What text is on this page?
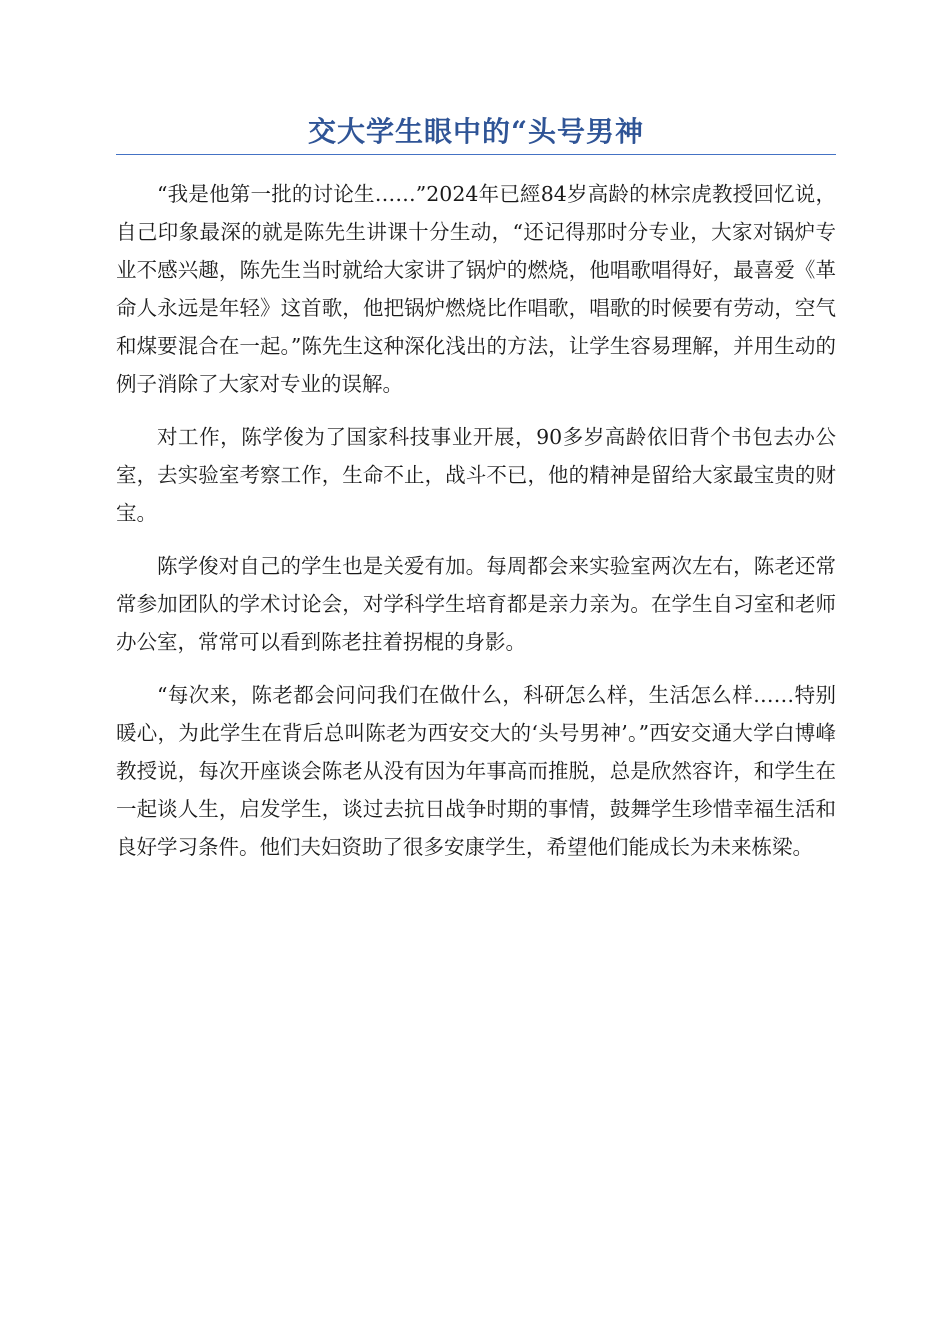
交大学生眼中的“头号男神

“我是他第一批的讨论生……”2024年已經84岁高龄的林宗虎教授回忆说，自己印象最深的就是陈先生讲课十分生动，“还记得那时分专业，大家对锅炉专业不感兴趣，陈先生当时就给大家讲了锅炉的燃烧，他唱歌唱得好，最喜爱《革命人永远是年轻》这首歌，他把锅炉燃烧比作唱歌，唱歌的时候要有劳动，空气和煤要混合在一起。”陈先生这种深化浅出的方法，让学生容易理解，并用生动的例子消除了大家对专业的误解。

对工作，陈学俊为了国家科技事业开展，90多岁高龄依旧背个书包去办公室，去实验室考察工作，生命不止，战斗不已，他的精神是留给大家最宝贵的财宝。

陈学俊对自己的学生也是关爱有加。每周都会来实验室两次左右，陈老还常常参加团队的学术讨论会，对学科学生培育都是亲力亲为。在学生自习室和老师办公室，常常可以看到陈老拄着拐棍的身影。

“每次来，陈老都会问问我们在做什么，科研怎么样，生活怎么样……特别暖心，为此学生在背后总叫陈老为西安交大的‘头号男神’。”西安交通大学白博峰教授说，每次开座谈会陈老从没有因为年事高而推脱，总是欣然容许，和学生在一起谈人生，启发学生，谈过去抗日战争时期的事情，鼓舞学生珍惜幸福生活和良好学习条件。他们夫妇资助了很多安康学生，希望他们能成长为未来栋梁。
